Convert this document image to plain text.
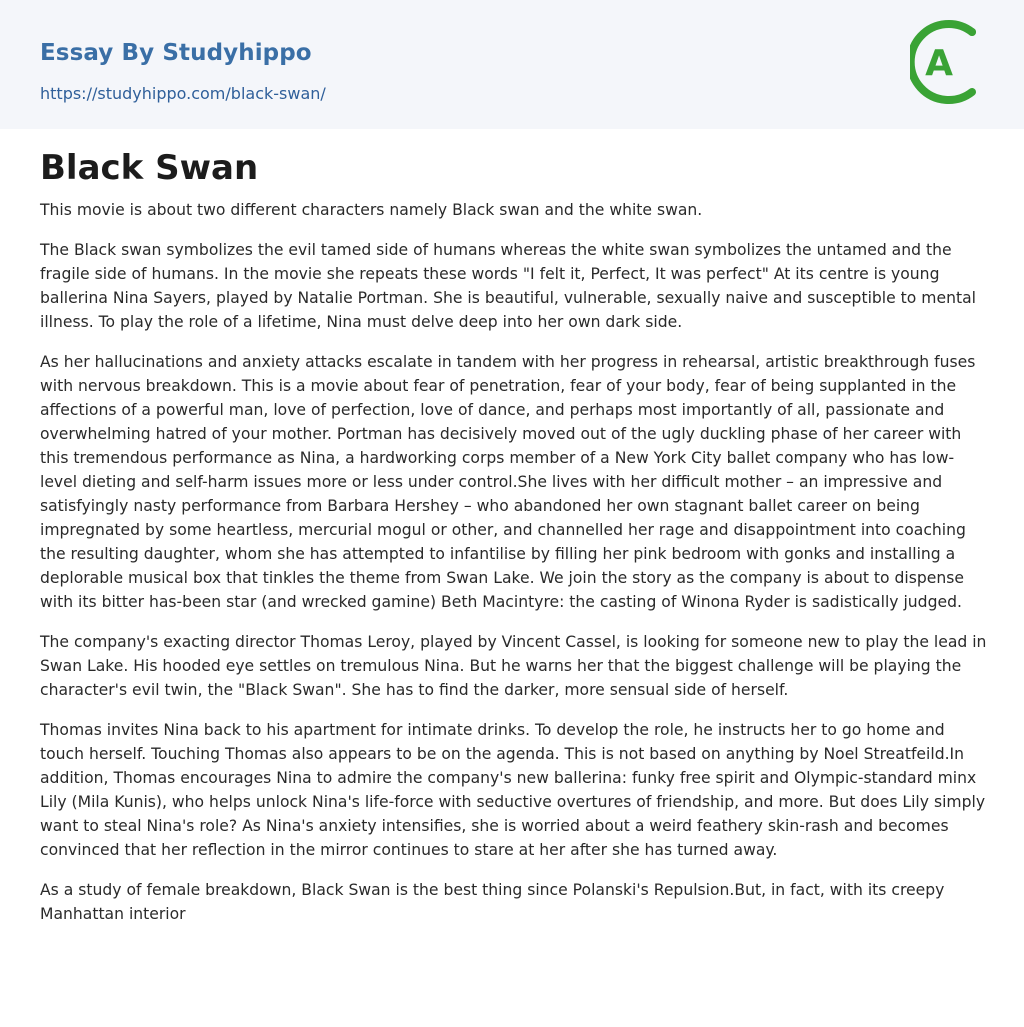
Essay By Studyhippo
https://studyhippo.com/black-swan/
A
Black Swan

This movie is about two different characters namely Black swan and the white swan.

The Black swan symbolizes the evil tamed side of humans whereas the white swan symbolizes the untamed and the fragile side of humans. In the movie she repeats these words "I felt it, Perfect, It was perfect" At its centre is young ballerina Nina Sayers, played by Natalie Portman. She is beautiful, vulnerable, sexually naive and susceptible to mental illness. To play the role of a lifetime, Nina must delve deep into her own dark side.

As her hallucinations and anxiety attacks escalate in tandem with her progress in rehearsal, artistic breakthrough fuses with nervous breakdown. This is a movie about fear of penetration, fear of your body, fear of being supplanted in the affections of a powerful man, love of perfection, love of dance, and perhaps most importantly of all, passionate and overwhelming hatred of your mother. Portman has decisively moved out of the ugly duckling phase of her career with this tremendous performance as Nina, a hardworking corps member of a New York City ballet company who has low-level dieting and self-harm issues more or less under control.She lives with her difficult mother – an impressive and satisfyingly nasty performance from Barbara Hershey – who abandoned her own stagnant ballet career on being impregnated by some heartless, mercurial mogul or other, and channelled her rage and disappointment into coaching the resulting daughter, whom she has attempted to infantilise by filling her pink bedroom with gonks and installing a deplorable musical box that tinkles the theme from Swan Lake. We join the story as the company is about to dispense with its bitter has-been star (and wrecked gamine) Beth Macintyre: the casting of Winona Ryder is sadistically judged.

The company's exacting director Thomas Leroy, played by Vincent Cassel, is looking for someone new to play the lead in Swan Lake. His hooded eye settles on tremulous Nina. But he warns her that the biggest challenge will be playing the character's evil twin, the "Black Swan". She has to find the darker, more sensual side of herself.

Thomas invites Nina back to his apartment for intimate drinks. To develop the role, he instructs her to go home and touch herself. Touching Thomas also appears to be on the agenda. This is not based on anything by Noel Streatfeild.In addition, Thomas encourages Nina to admire the company's new ballerina: funky free spirit and Olympic-standard minx Lily (Mila Kunis), who helps unlock Nina's life-force with seductive overtures of friendship, and more. But does Lily simply want to steal Nina's role? As Nina's anxiety intensifies, she is worried about a weird feathery skin-rash and becomes convinced that her reflection in the mirror continues to stare at her after she has turned away.

As a study of female breakdown, Black Swan is the best thing since Polanski's Repulsion.But, in fact, with its creepy Manhattan interior
